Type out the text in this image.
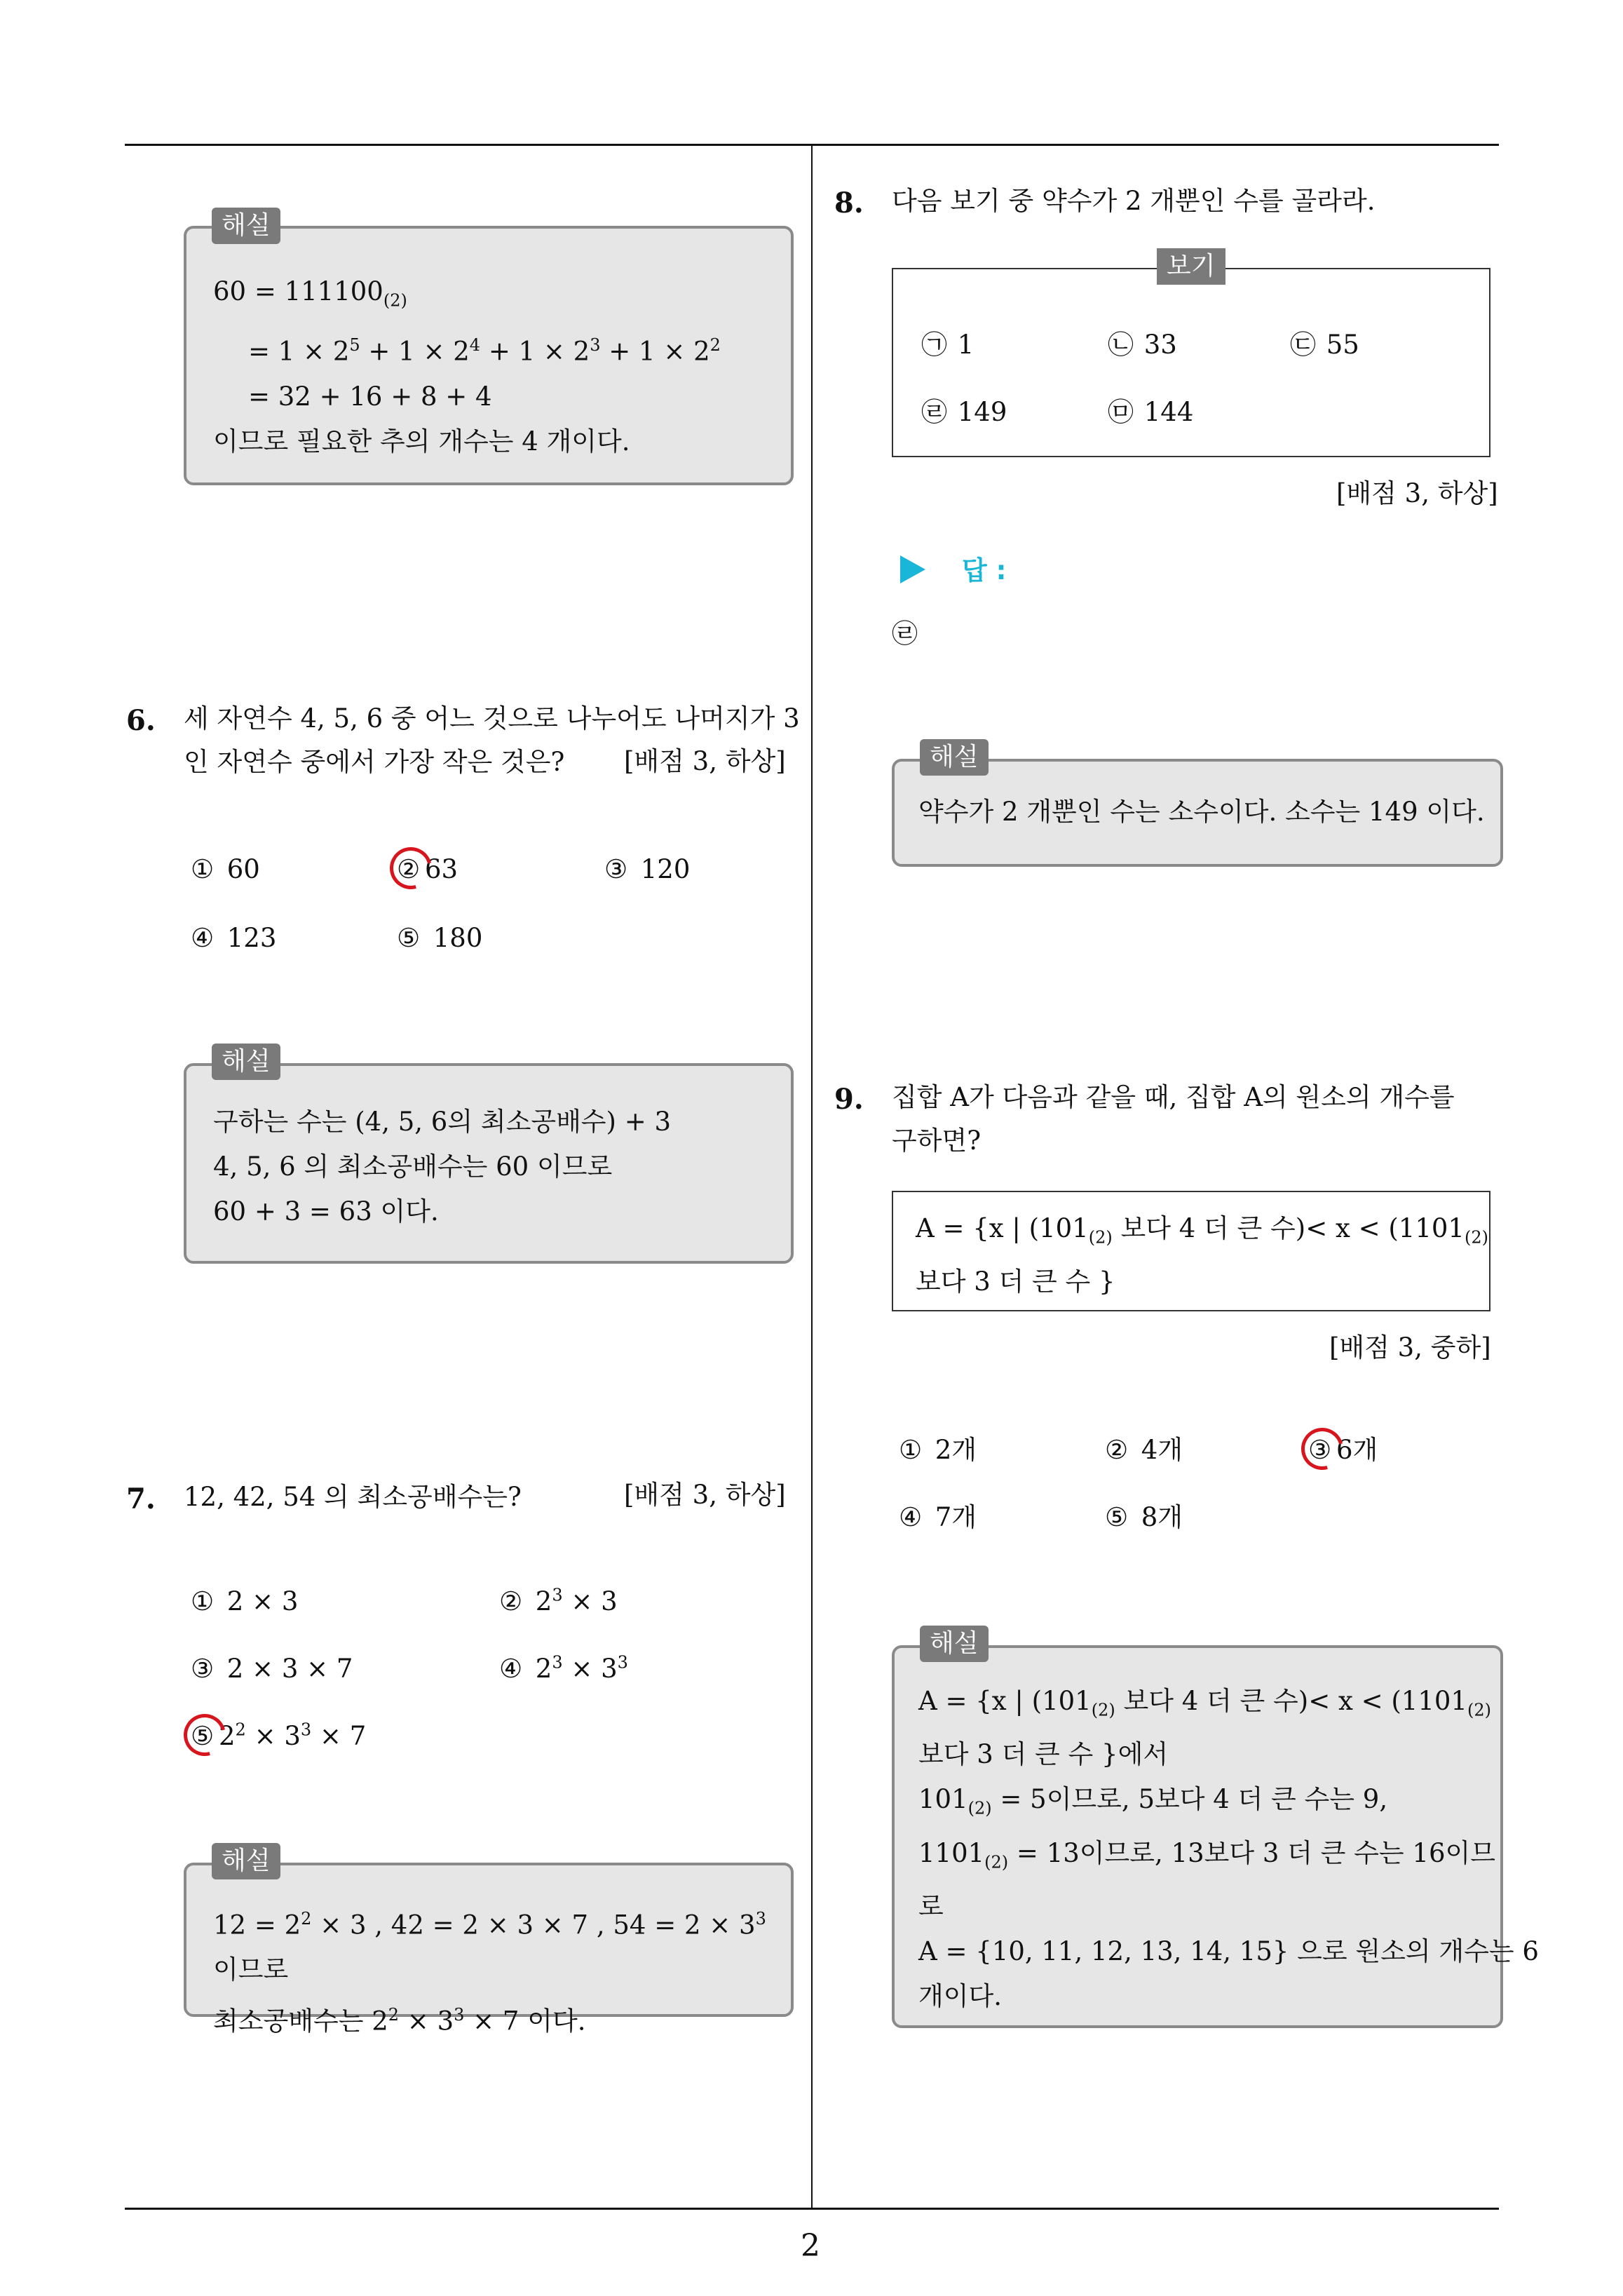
2
$60 = 111100_{(2)}$
= $1 \times 2^5 + 1 \times 2^4 + 1 \times 2^3 + 1 \times 2^2$
= 32 + 16 + 8 + 4
이므로 필요한 추의 개수는 4 개이다.
해설
6. 세 자연수 4, 5, 6 중 어느 것으로 나누어도 나머지가 3
인 자연수 중에서 가장 작은 것은?	[배점 3, 하상]
① 60	② 63	③ 120
④ 123	⑤ 180
구하는 수는 (4, 5, 6의 최소공배수) + 3
4, 5, 6 의 최소공배수는 60 이므로
60 + 3 = 63 이다.
해설
7. 12, 42, 54 의 최소공배수는?	[배점 3, 하상]
① 2 × 3	② $2^3 \times 3$
③ 2 × 3 × 7	④ $2^3 \times 3^3$
⑤ $2^2 \times 3^3 \times 7$
$12 = 2^2 \times 3$ , 42 = 2 × 3 × 7 , $54 = 2 \times 3^3$ 이므로
최소공배수는 $2^2 \times 3^3 \times 7$ 이다.
해설
8. 다음 보기 중 약수가 2 개뿐인 수를 골라라.
㉠ 1	㉡ 33	㉢ 55
㉣ 149	㉤ 144
보기
[배점 3, 하상]
답 :
㉣
약수가 2 개뿐인 수는 소수이다. 소수는 149 이다.
해설
9. 집합 A가 다음과 같을 때, 집합 A의 원소의 개수를
구하면?
A = {x | ($101_{(2)}$ 보다 4 더 큰 수)< $x < (1101_{(2)}$
보다 3 더 큰 수 }
[배점 3, 중하]
① 2개	② 4개	③ 6개
④ 7개	⑤ 8개
A = {x | ($101_{(2)}$ 보다 4 더 큰 수)< $x < (1101_{(2)}$
보다 3 더 큰 수 }에서
$101_{(2)} = 5$이므로, 5보다 4 더 큰 수는 9,
$1101_{(2)} = 13$이므로, 13보다 3 더 큰 수는 16이므
로
A = {10, 11, 12, 13, 14, 15} 으로 원소의 개수는 6
개이다.
해설
